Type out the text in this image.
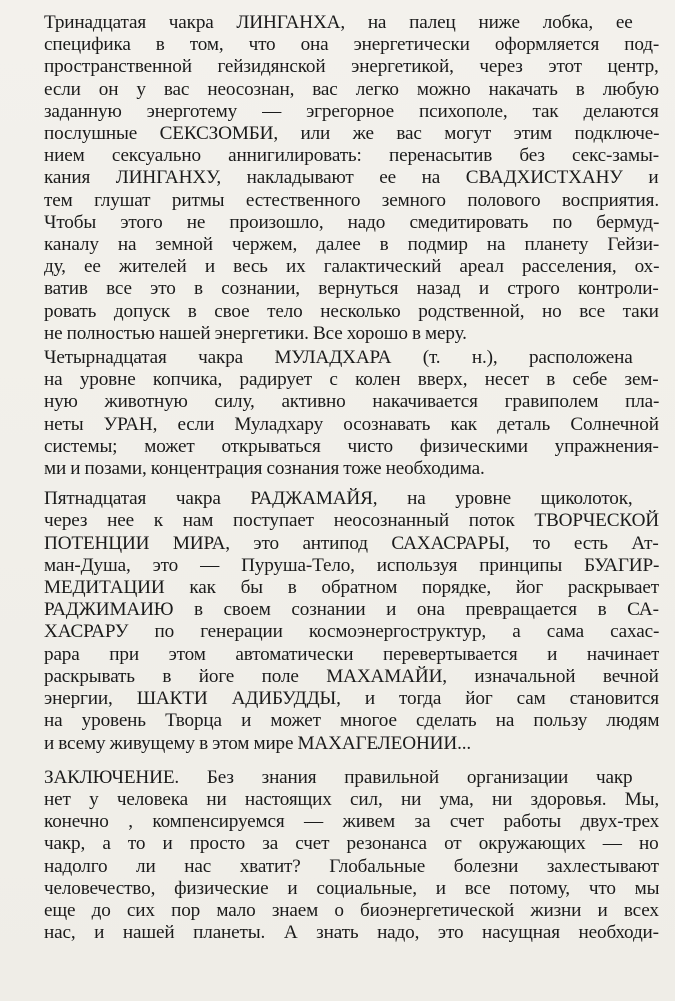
Тринадцатая чакра ЛИНГАНХА, на палец ниже лобка, ее
специфика в том, что она энергетически оформляется под-
пространственной гейзидянской энергетикой, через этот центр,
если он у вас неосознан, вас легко можно накачать в любую
заданную энерготему — эгрегорное психополе, так делаются
послушные СЕКСЗОМБИ, или же вас могут этим подключе-
нием сексуально аннигилировать: перенасытив без секс-замы-
кания ЛИНГАНХУ, накладывают ее на СВАДХИСТХАНУ и
тем глушат ритмы естественного земного полового восприятия.
Чтобы этого не произошло, надо смедитировать по бермуд-
каналу на земной чержем, далее в подмир на планету Гейзи-
ду, ее жителей и весь их галактический ареал расселения, ох-
ватив все это в сознании, вернуться назад и строго контроли-
ровать допуск в свое тело несколько родственной, но все таки
не полностью нашей энергетики. Все хорошо в меру.
Четырнадцатая чакра МУЛАДХАРА (т. н.), расположена
на уровне копчика, радирует с колен вверх, несет в себе зем-
ную животную силу, активно накачивается гравиполем пла-
неты УРАН, если Муладхару осознавать как деталь Солнечной
системы; может открываться чисто физическими упражнения-
ми и позами, концентрация сознания тоже необходима.
Пятнадцатая чакра РАДЖАМАЙЯ, на уровне щиколоток,
через нее к нам поступает неосознанный поток ТВОРЧЕСКОЙ
ПОТЕНЦИИ МИРА, это антипод САХАСРАРЫ, то есть Ат-
ман-Душа, это — Пуруша-Тело, используя принципы БУАГИР-
МЕДИТАЦИИ как бы в обратном порядке, йог раскрывает
РАДЖИМАИЮ в своем сознании и она превращается в СА-
ХАСРАРУ по генерации космоэнергоструктур, а сама сахас-
рара при этом автоматически перевертывается и начинает
раскрывать в йоге поле МАХАМАЙИ, изначальной вечной
энергии, ШАКТИ АДИБУДДЫ, и тогда йог сам становится
на уровень Творца и может многое сделать на пользу людям
и всему живущему в этом мире МАХАГЕЛЕОНИИ...
ЗАКЛЮЧЕНИЕ. Без знания правильной организации чакр
нет у человека ни настоящих сил, ни ума, ни здоровья. Мы,
конечно , компенсируемся — живем за счет работы двух-трех
чакр, а то и просто за счет резонанса от окружающих — но
надолго ли нас хватит? Глобальные болезни захлестывают
человечество, физические и социальные, и все потому, что мы
еще до сих пор мало знаем о биоэнергетической жизни и всех
нас, и нашей планеты. А знать надо, это насущная необходи-
